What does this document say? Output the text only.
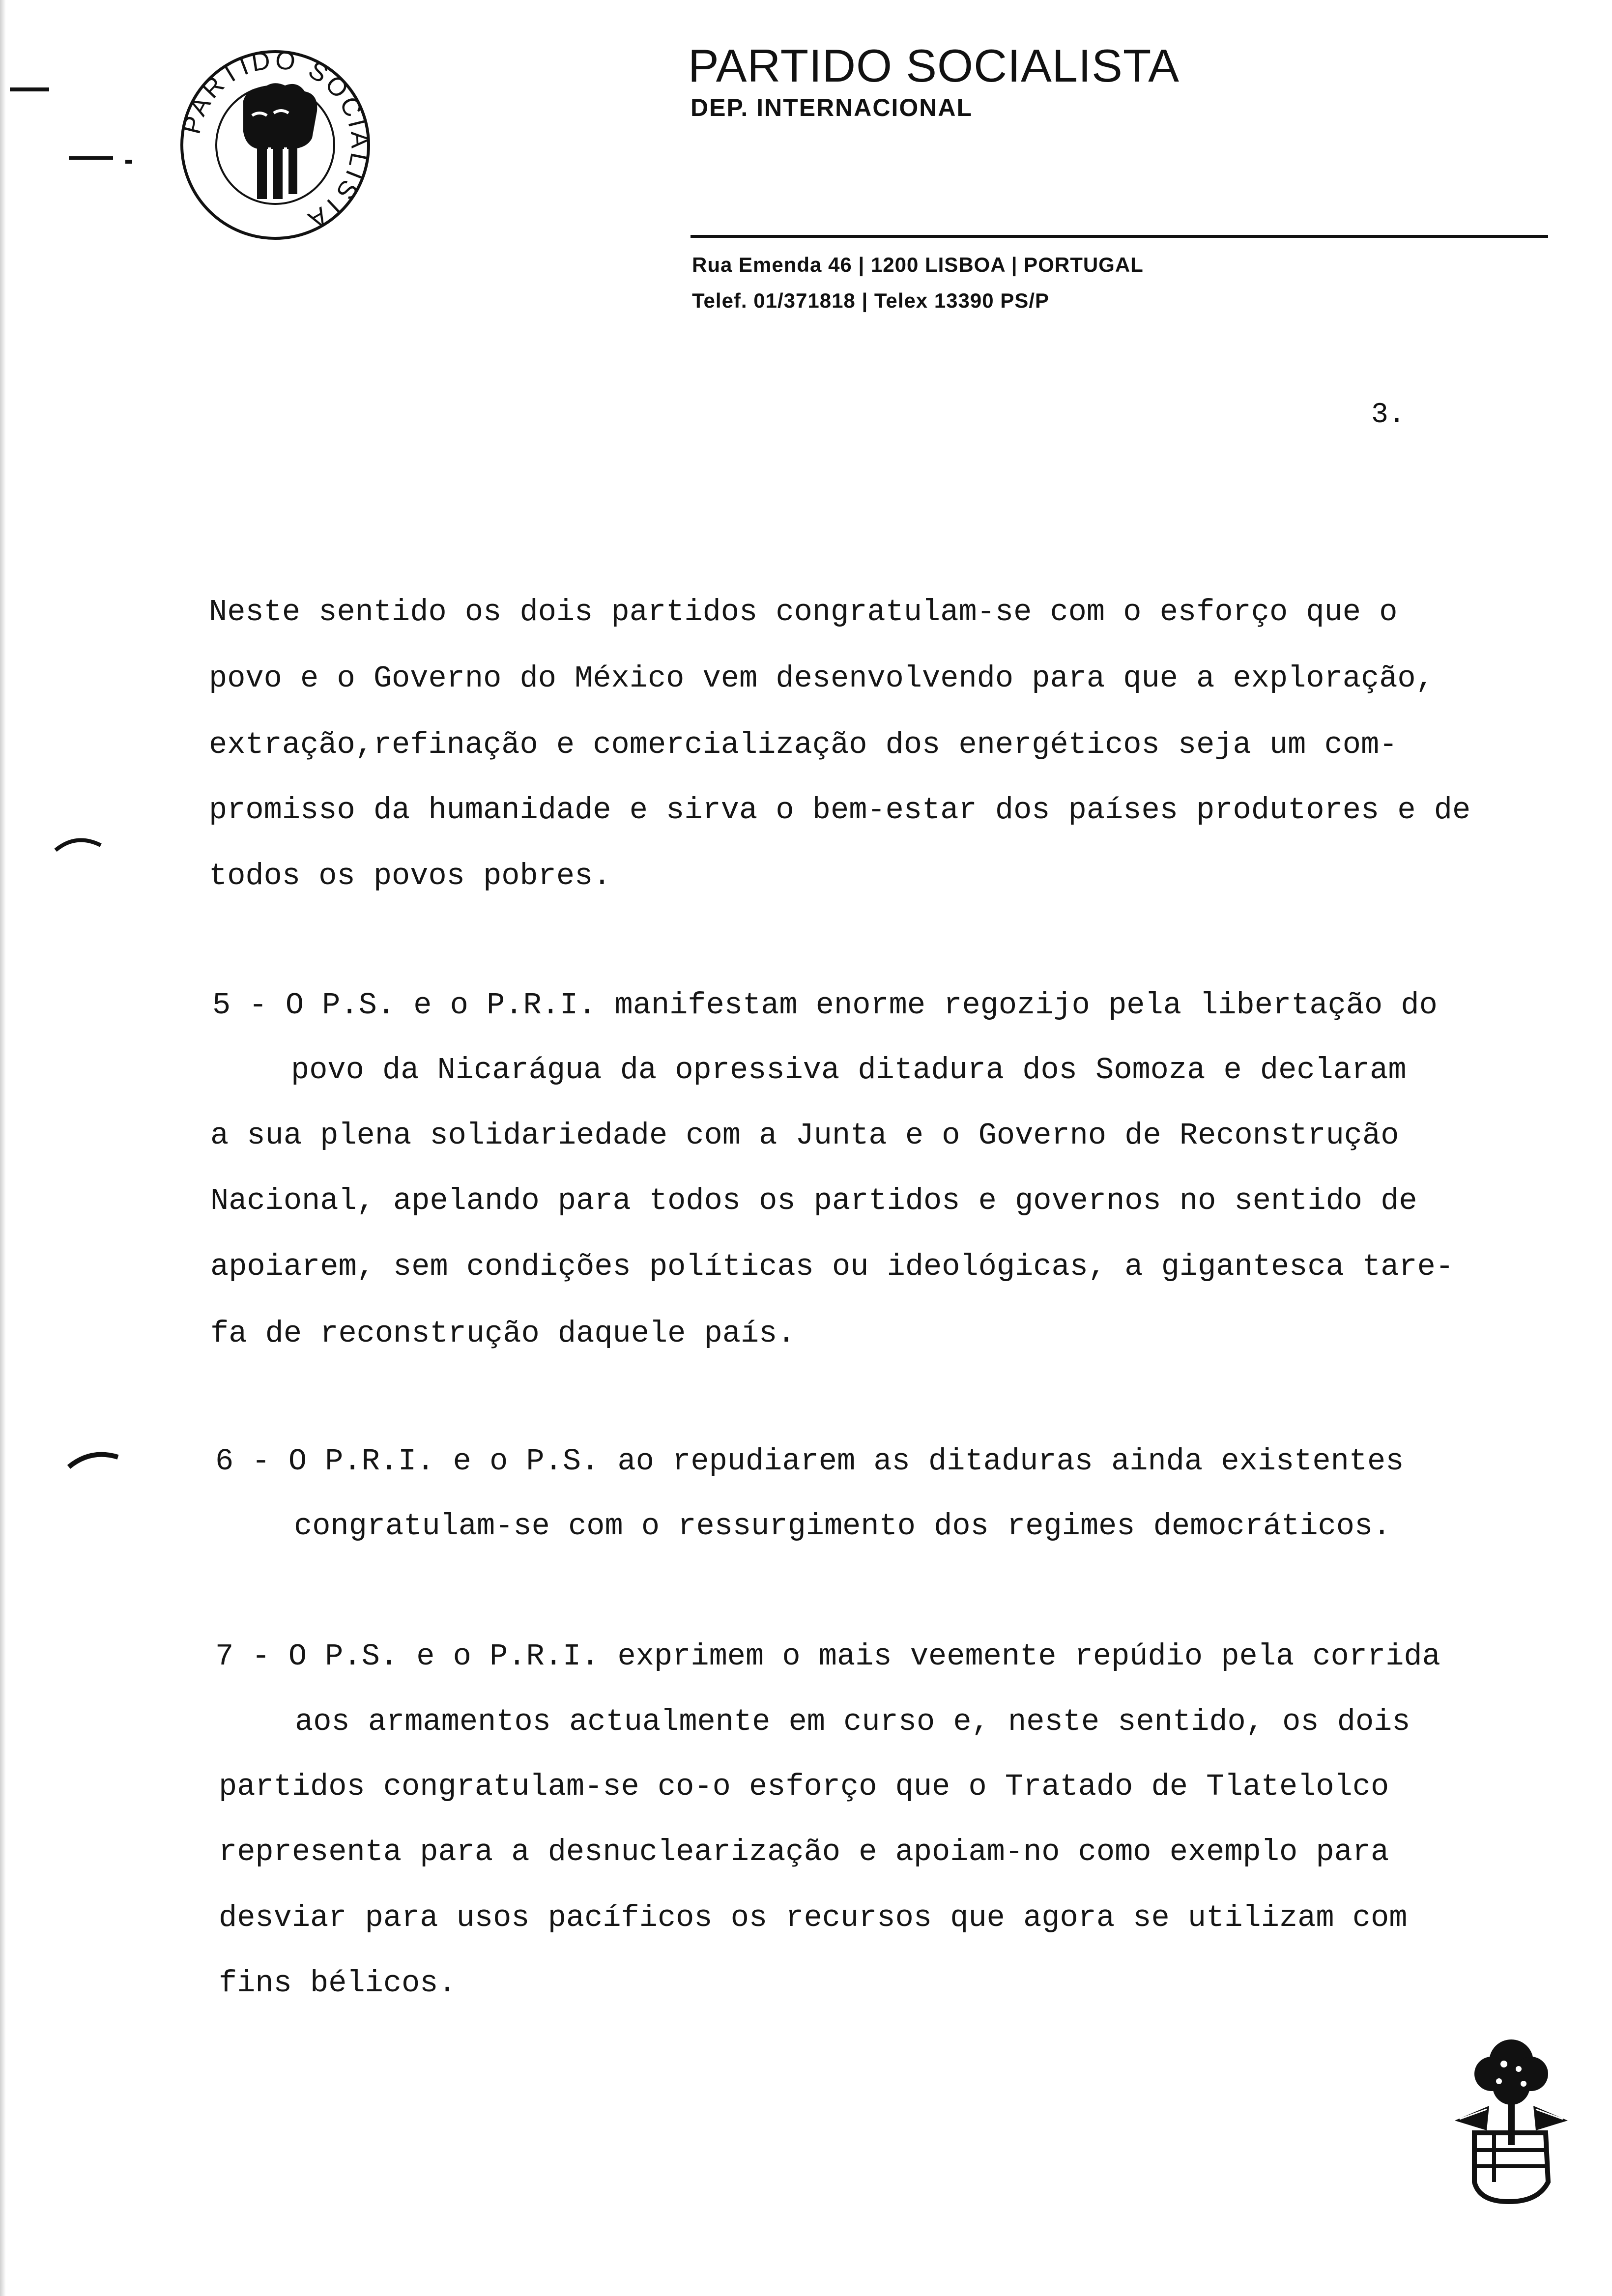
PARTIDO SOCIALISTA
PARTIDO SOCIALISTA
DEP. INTERNACIONAL
Rua Emenda 46 | 1200 LISBOA | PORTUGAL
Telef. 01/371818 | Telex 13390 PS/P
3.
Neste sentido os dois partidos congratulam-se com o esforço que o
povo e o Governo do México vem desenvolvendo para que a exploração,
extração,refinação e comercialização dos energéticos seja um com-
promisso da humanidade e sirva o bem-estar dos países produtores e de
todos os povos pobres.
5 - O P.S. e o P.R.I. manifestam enorme regozijo pela libertação do
povo da Nicarágua da opressiva ditadura dos Somoza e declaram
a sua plena solidariedade com a Junta e o Governo de Reconstrução
Nacional, apelando para todos os partidos e governos no sentido de
apoiarem, sem condições políticas ou ideológicas, a gigantesca tare-
fa de reconstrução daquele país.
6 - O P.R.I. e o P.S. ao repudiarem as ditaduras ainda existentes
congratulam-se com o ressurgimento dos regimes democráticos.
7 - O P.S. e o P.R.I. exprimem o mais veemente repúdio pela corrida
aos armamentos actualmente em curso e, neste sentido, os dois
partidos congratulam-se co-o esforço que o Tratado de Tlatelolco
representa para a desnuclearização e apoiam-no como exemplo para
desviar para usos pacíficos os recursos que agora se utilizam com
fins bélicos.
